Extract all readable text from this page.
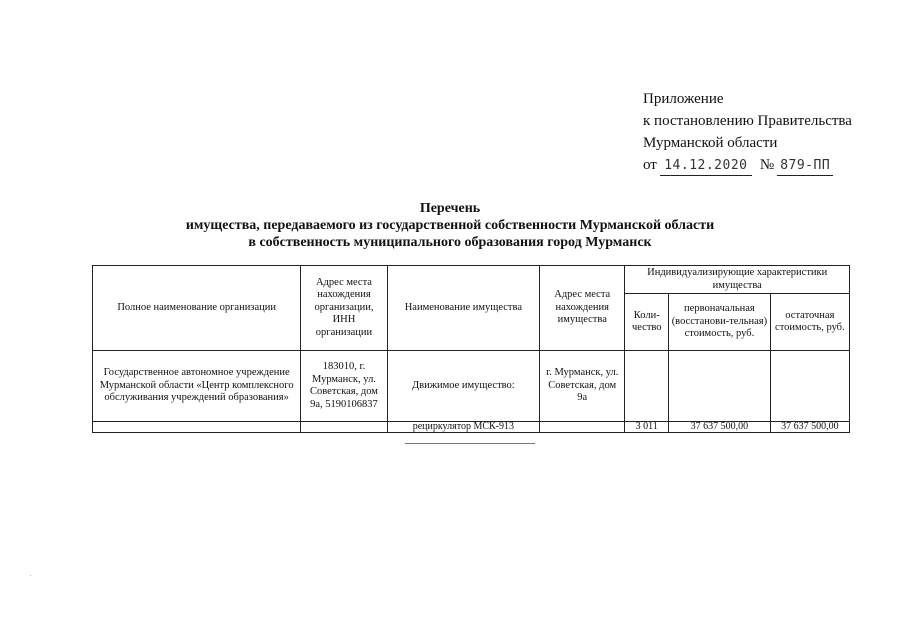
Приложение
к постановлению Правительства
Мурманской области
от 14.12.2020 № 879-ПП
Перечень
имущества, передаваемого из государственной собственности Мурманской области
в собственность муниципального образования город Мурманск
Полное наименование организации	Адрес места нахождения организации, ИНН организации	Наименование имущества	Адрес места нахождения имущества	Индивидуализирующие характеристики имущества		
				Коли-чество	первоначальная (восстанови-тельная) стоимость, руб.	остаточная стоимость, руб.
Государственное автономное учреждение Мурманской области «Центр комплексного обслуживания учреждений образования»	183010, г. Мурманск, ул. Советская, дом 9а, 5190106837	Движимое имущество:	г. Мурманск, ул. Советская, дом 9а			
		рециркулятор МСК-913		3 011	37 637 500,00	37 637 500,00
